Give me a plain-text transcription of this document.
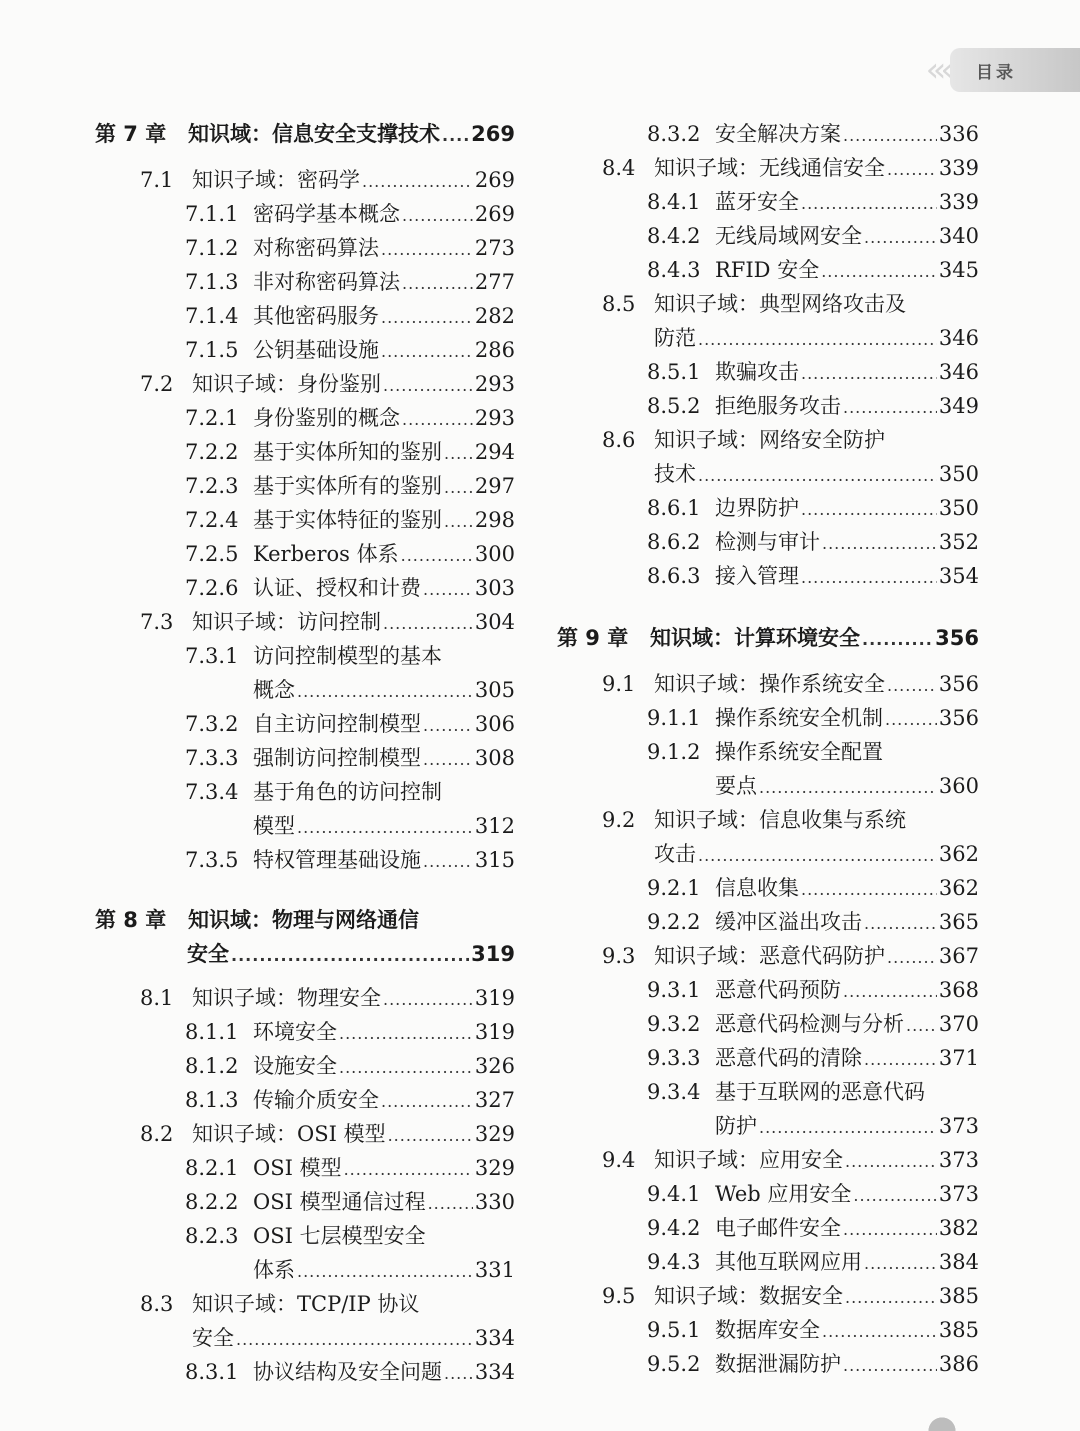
«‹	目录
第 7 章	知识域：信息安全支撑技术 ..... 269
7.1 知识子域：密码学 .....	269
7.1.1 密码学基本概念 .....	269
7.1.2 对称密码算法 .....	273
7.1.3 非对称密码算法 .....	277
7.1.4 其他密码服务 .....	282
7.1.5 公钥基础设施 .....	286
7.2 知识子域：身份鉴别 .....	293
7.2.1 身份鉴别的概念 .....	293
7.2.2 基于实体所知的鉴别 ..... 294
7.2.3 基于实体所有的鉴别 ..... 297
7.2.4 基于实体特征的鉴别 ..... 298
7.2.5 Kerberos 体系 .....	300
7.2.6 认证、授权和计费 .....	303
7.3 知识子域：访问控制 .....	304
7.3.1 访问控制模型的基本
概念 .....	305
7.3.2 自主访问控制模型 .....	306
7.3.3 强制访问控制模型 .....	308
7.3.4 基于角色的访问控制
模型 .....	312
7.3.5 特权管理基础设施 .....	315
第 8 章	知识域：物理与网络通信
安全 .....	319
8.1 知识子域：物理安全 .....	319
8.1.1 环境安全 .....	319
8.1.2 设施安全 .....	326
8.1.3 传输介质安全 .....	327
8.2 知识子域：OSI 模型 .....	329
8.2.1 OSI 模型 .....	329
8.2.2 OSI 模型通信过程 ..... 330
8.2.3 OSI 七层模型安全
体系 .....	331
8.3 知识子域：TCP/IP 协议
安全 .....	334
8.3.1 协议结构及安全问题 ..... 334
8.3.2 安全解决方案 .....	336
8.4 知识子域：无线通信安全 .....	339
8.4.1 蓝牙安全 .....	339
8.4.2 无线局域网安全 .....	340
8.4.3 RFID 安全 .....	345
8.5 知识子域：典型网络攻击及
防范 .....	346
8.5.1 欺骗攻击 .....	346
8.5.2 拒绝服务攻击 .....	349
8.6 知识子域：网络安全防护
技术 .....	350
8.6.1 边界防护 .....	350
8.6.2 检测与审计 .....	352
8.6.3 接入管理 .....	354
第 9 章	知识域：计算环境安全 .....	356
9.1 知识子域：操作系统安全 .....	356
9.1.1 操作系统安全机制 .....	356
9.1.2 操作系统安全配置
要点 .....	360
9.2 知识子域：信息收集与系统
攻击 .....	362
9.2.1 信息收集 .....	362
9.2.2 缓冲区溢出攻击 .....	365
9.3 知识子域：恶意代码防护 .....	367
9.3.1 恶意代码预防 .....	368
9.3.2 恶意代码检测与分析 ..... 370
9.3.3 恶意代码的清除 .....	371
9.3.4 基于互联网的恶意代码
防护 .....	373
9.4 知识子域：应用安全 .....	373
9.4.1 Web 应用安全 .....	373
9.4.2 电子邮件安全 .....	382
9.4.3 其他互联网应用 .....	384
9.5 知识子域：数据安全 .....	385
9.5.1 数据库安全 .....	385
9.5.2 数据泄漏防护 .....	386
